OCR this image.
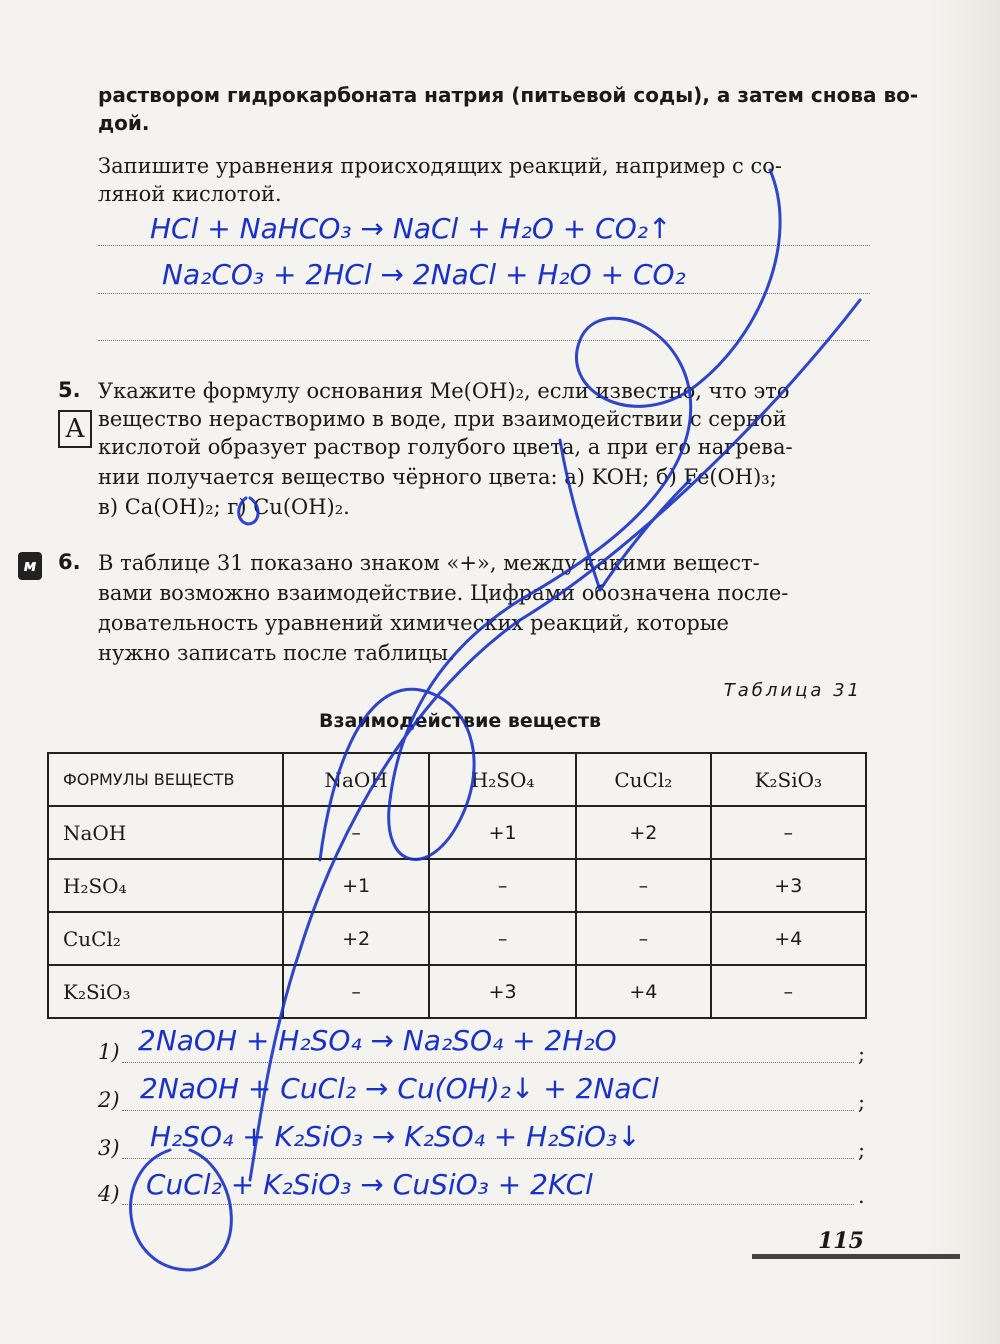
раствором гидрокарбоната натрия (питьевой соды), а затем снова во-
дой.
Запишите уравнения происходящих реакций, например с со-
ляной кислотой.
HCl + NaHCO₃ → NaCl + H₂O + CO₂↑
Na₂CO₃ + 2HCl → 2NaCl + H₂O + CO₂
5.
А
Укажите формулу основания Me(OH)₂, если известно, что это
вещество нерастворимо в воде, при взаимодействии с серной
кислотой образует раствор голубого цвета, а при его нагрева-
нии получается вещество чёрного цвета: а) KOH; б) Fe(OH)₃;
в) Ca(OH)₂; г) Cu(OH)₂.
м 6. В таблице 31 показано знаком «+», между какими вещест-
вами возможно взаимодействие. Цифрами обозначена после-
довательность уравнений химических реакций, которые
нужно записать после таблицы.
Таблица 31
Взаимодействие веществ
ФОРМУЛЫ ВЕЩЕСТВ	NaOH	H₂SO₄	CuCl₂	K₂SiO₃
NaOH	–	+1	+2	–
H₂SO₄	+1	–	–	+3
CuCl₂	+2	–	–	+4
K₂SiO₃	–	+3	+4	–
1)	;
2NaOH + H₂SO₄ → Na₂SO₄ + 2H₂O
2)	;
2NaOH + CuCl₂ → Cu(OH)₂↓ + 2NaCl
3)	;
H₂SO₄ + K₂SiO₃ → K₂SO₄ + H₂SiO₃↓
4)	.
CuCl₂ + K₂SiO₃ → CuSiO₃ + 2KCl
115
